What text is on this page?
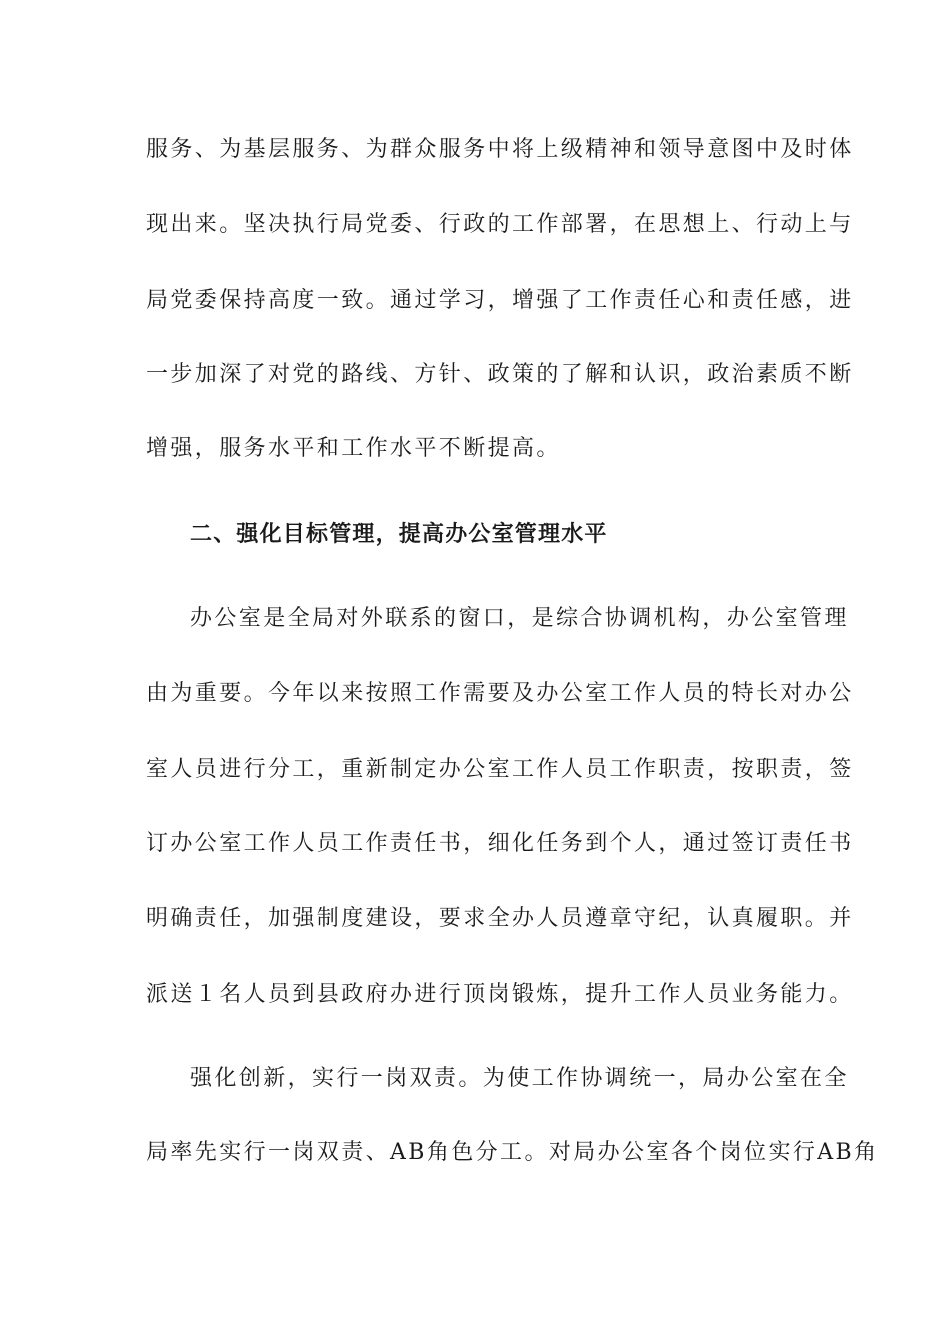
服务、为基层服务、为群众服务中将上级精神和领导意图中及时体
现出来。坚决执行局党委、行政的工作部署，在思想上、行动上与
局党委保持高度一致。通过学习，增强了工作责任心和责任感，进
一步加深了对党的路线、方针、政策的了解和认识，政治素质不断
增强，服务水平和工作水平不断提高。
二、强化目标管理，提高办公室管理水平
办公室是全局对外联系的窗口，是综合协调机构，办公室管理
由为重要。今年以来按照工作需要及办公室工作人员的特长对办公
室人员进行分工，重新制定办公室工作人员工作职责，按职责，签
订办公室工作人员工作责任书，细化任务到个人，通过签订责任书
明确责任，加强制度建设，要求全办人员遵章守纪，认真履职。并
派送１名人员到县政府办进行顶岗锻炼，提升工作人员业务能力。
强化创新，实行一岗双责。为使工作协调统一，局办公室在全
局率先实行一岗双责、AB角色分工。对局办公室各个岗位实行AB角
